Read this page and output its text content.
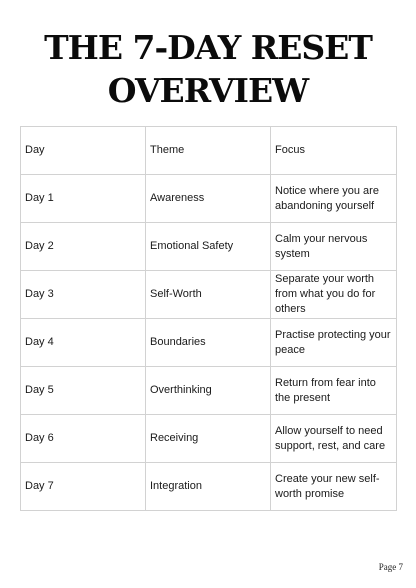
THE 7-DAY RESET
OVERVIEW
Day	Theme	Focus
Day 1	Awareness	Notice where you are abandoning yourself
Day 2	Emotional Safety	Calm your nervous system
Day 3	Self-Worth	Separate your worth from what you do for others
Day 4	Boundaries	Practise protecting your peace
Day 5	Overthinking	Return from fear into the present
Day 6	Receiving	Allow yourself to need support, rest, and care
Day 7	Integration	Create your new self-worth promise
Page 7
